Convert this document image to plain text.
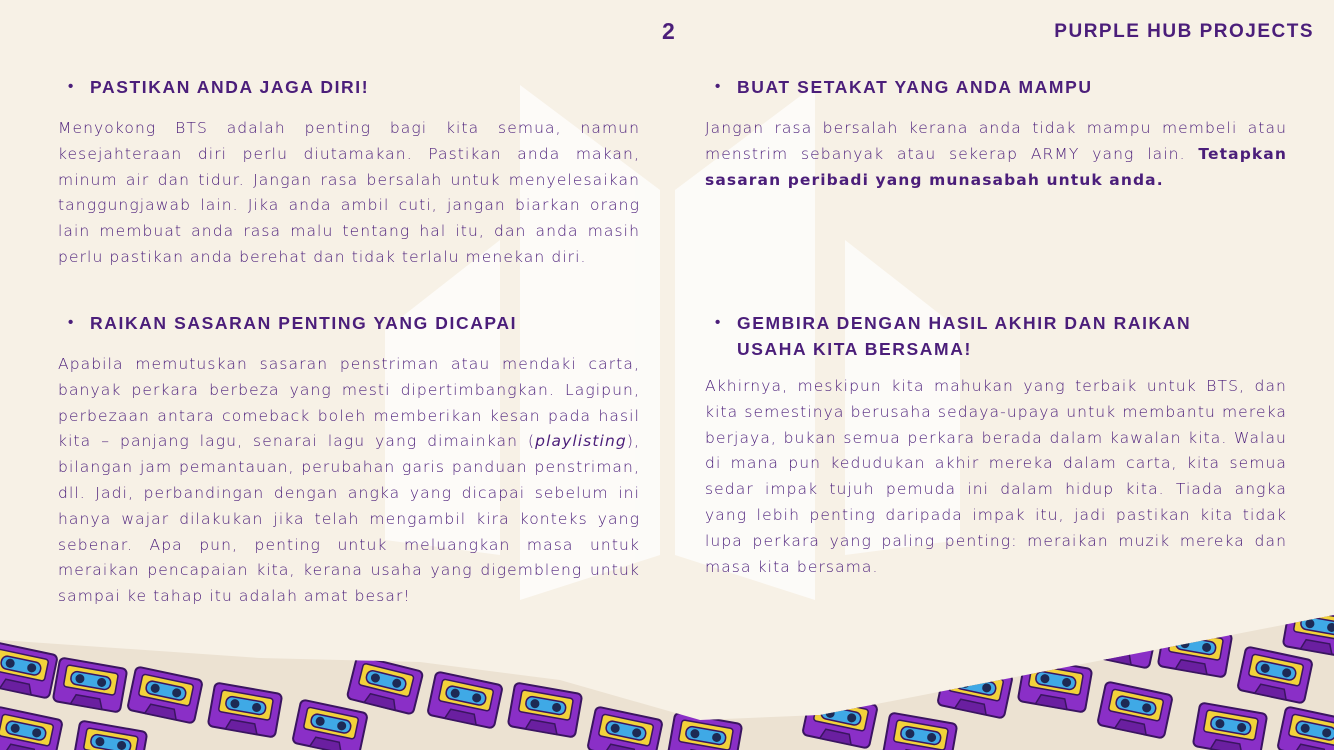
2	PURPLE HUB PROJECTS
• PASTIKAN ANDA JAGA DIRI!

Menyokong BTS adalah penting bagi kita semua, namun kesejahteraan diri perlu diutamakan. Pastikan anda makan, minum air dan tidur. Jangan rasa bersalah untuk menyelesaikan tanggungjawab lain. Jika anda ambil cuti, jangan biarkan orang lain membuat anda rasa malu tentang hal itu, dan anda masih perlu pastikan anda berehat dan tidak terlalu menekan diri.

• RAIKAN SASARAN PENTING YANG DICAPAI

Apabila memutuskan sasaran penstriman atau mendaki carta, banyak perkara berbeza yang mesti dipertimbangkan. Lagipun, perbezaan antara comeback boleh memberikan kesan pada hasil kita – panjang lagu, senarai lagu yang dimainkan (playlisting), bilangan jam pemantauan, perubahan garis panduan penstriman, dll. Jadi, perbandingan dengan angka yang dicapai sebelum ini hanya wajar dilakukan jika telah mengambil kira konteks yang sebenar. Apa pun, penting untuk meluangkan masa untuk meraikan pencapaian kita, kerana usaha yang digembleng untuk sampai ke tahap itu adalah amat besar!

• BUAT SETAKAT YANG ANDA MAMPU

Jangan rasa bersalah kerana anda tidak mampu membeli atau menstrim sebanyak atau sekerap ARMY yang lain. Tetapkan sasaran peribadi yang munasabah untuk anda.

• GEMBIRA DENGAN HASIL AKHIR DAN RAIKAN
USAHA KITA BERSAMA!

Akhirnya, meskipun kita mahukan yang terbaik untuk BTS, dan kita semestinya berusaha sedaya-upaya untuk membantu mereka berjaya, bukan semua perkara berada dalam kawalan kita. Walau di mana pun kedudukan akhir mereka dalam carta, kita semua sedar impak tujuh pemuda ini dalam hidup kita. Tiada angka yang lebih penting daripada impak itu, jadi pastikan kita tidak lupa perkara yang paling penting: meraikan muzik mereka dan masa kita bersama.
